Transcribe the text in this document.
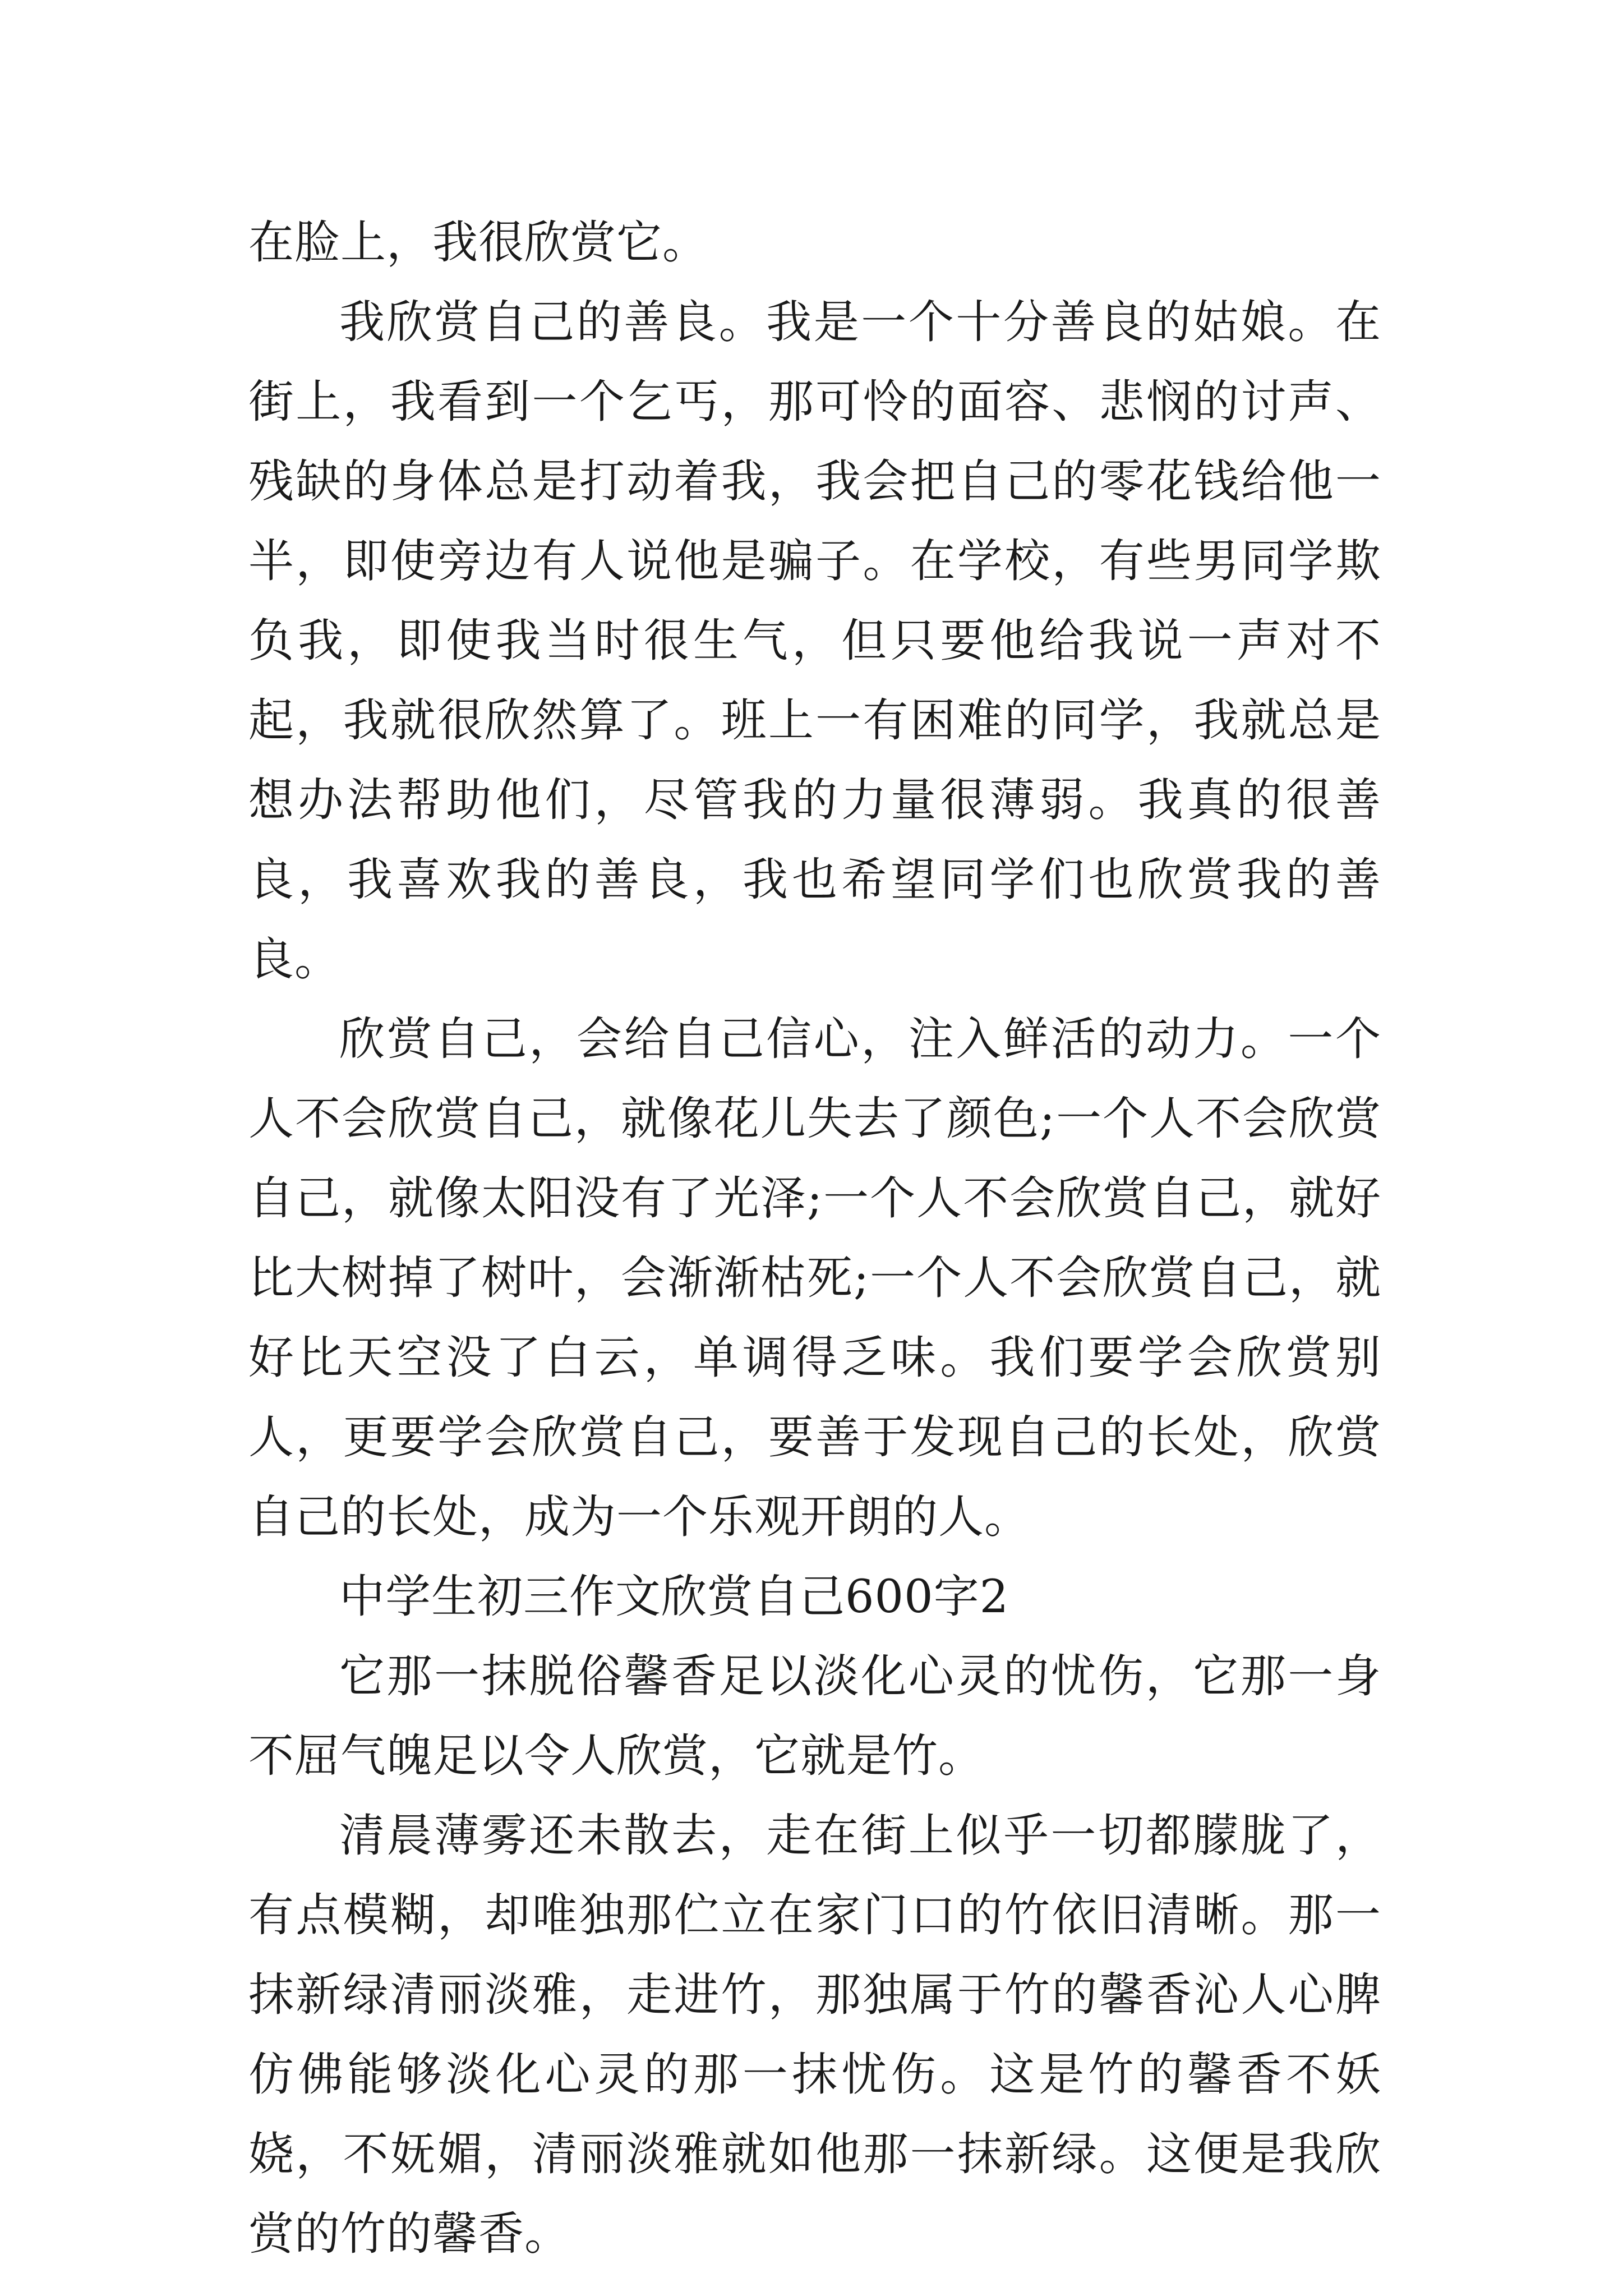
在脸上，我很欣赏它。

我欣赏自己的善良。我是一个十分善良的姑娘。在街上，我看到一个乞丐，那可怜的面容、悲悯的讨声、残缺的身体总是打动着我，我会把自己的零花钱给他一半，即使旁边有人说他是骗子。在学校，有些男同学欺负我，即使我当时很生气，但只要他给我说一声对不起，我就很欣然算了。班上一有困难的同学，我就总是想办法帮助他们，尽管我的力量很薄弱。我真的很善良，我喜欢我的善良，我也希望同学们也欣赏我的善良。

欣赏自己，会给自己信心，注入鲜活的动力。一个人不会欣赏自己，就像花儿失去了颜色;一个人不会欣赏自己，就像太阳没有了光泽;一个人不会欣赏自己，就好比大树掉了树叶，会渐渐枯死;一个人不会欣赏自己，就好比天空没了白云，单调得乏味。我们要学会欣赏别人，更要学会欣赏自己，要善于发现自己的长处，欣赏自己的长处，成为一个乐观开朗的人。

中学生初三作文欣赏自己600字2

它那一抹脱俗馨香足以淡化心灵的忧伤，它那一身不屈气魄足以令人欣赏，它就是竹。

清晨薄雾还未散去，走在街上似乎一切都朦胧了，有点模糊，却唯独那伫立在家门口的竹依旧清晰。那一抹新绿清丽淡雅，走进竹，那独属于竹的馨香沁人心脾仿佛能够淡化心灵的那一抹忧伤。这是竹的馨香不妖娆，不妩媚，清丽淡雅就如他那一抹新绿。这便是我欣赏的竹的馨香。
